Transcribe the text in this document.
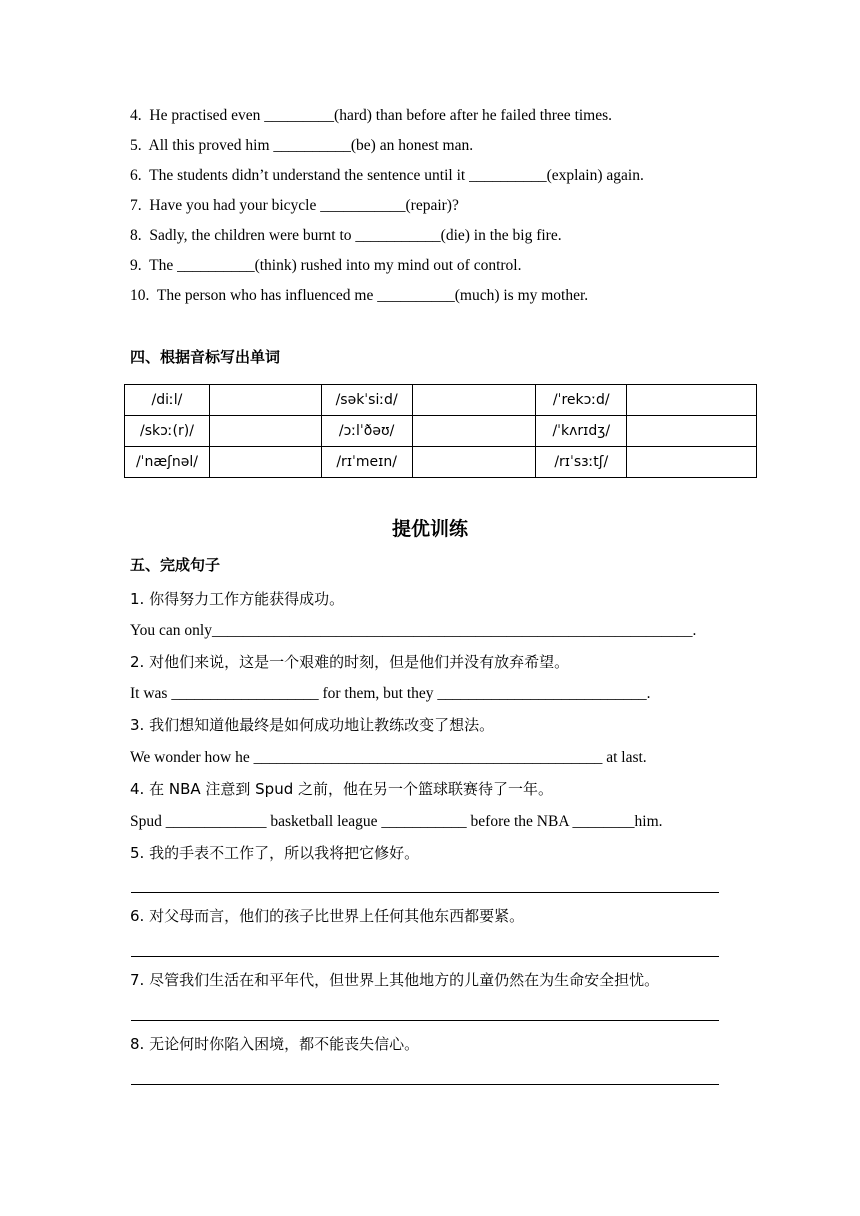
4.  He practised even _________(hard) than before after he failed three times.
5.  All this proved him __________(be) an honest man.
6.  The students didn’t understand the sentence until it __________(explain) again.
7.  Have you had your bicycle ___________(repair)?
8.  Sadly, the children were burnt to ___________(die) in the big fire.
9.  The __________(think) rushed into my mind out of control.
10.  The person who has influenced me __________(much) is my mother.
四、根据音标写出单词
/diːl/		/səkˈsiːd/		/ˈrekɔːd/	
/skɔː(r)/		/ɔːlˈðəʊ/		/ˈkʌrɪdʒ/	
/ˈnæʃnəl/		/rɪˈmeɪn/		/rɪˈsɜːtʃ/	
提优训练
五、完成句子
1. 你得努力工作方能获得成功。
You can only______________________________________________________________.
2. 对他们来说，这是一个艰难的时刻，但是他们并没有放弃希望。
It was ___________________ for them, but they ___________________________.
3. 我们想知道他最终是如何成功地让教练改变了想法。
We wonder how he _____________________________________________ at last.
4. 在 NBA 注意到 Spud 之前，他在另一个篮球联赛待了一年。
Spud _____________ basketball league ___________ before the NBA ________him.
5. 我的手表不工作了，所以我将把它修好。
6. 对父母而言，他们的孩子比世界上任何其他东西都要紧。
7. 尽管我们生活在和平年代，但世界上其他地方的儿童仍然在为生命安全担忧。
8. 无论何时你陷入困境，都不能丧失信心。
